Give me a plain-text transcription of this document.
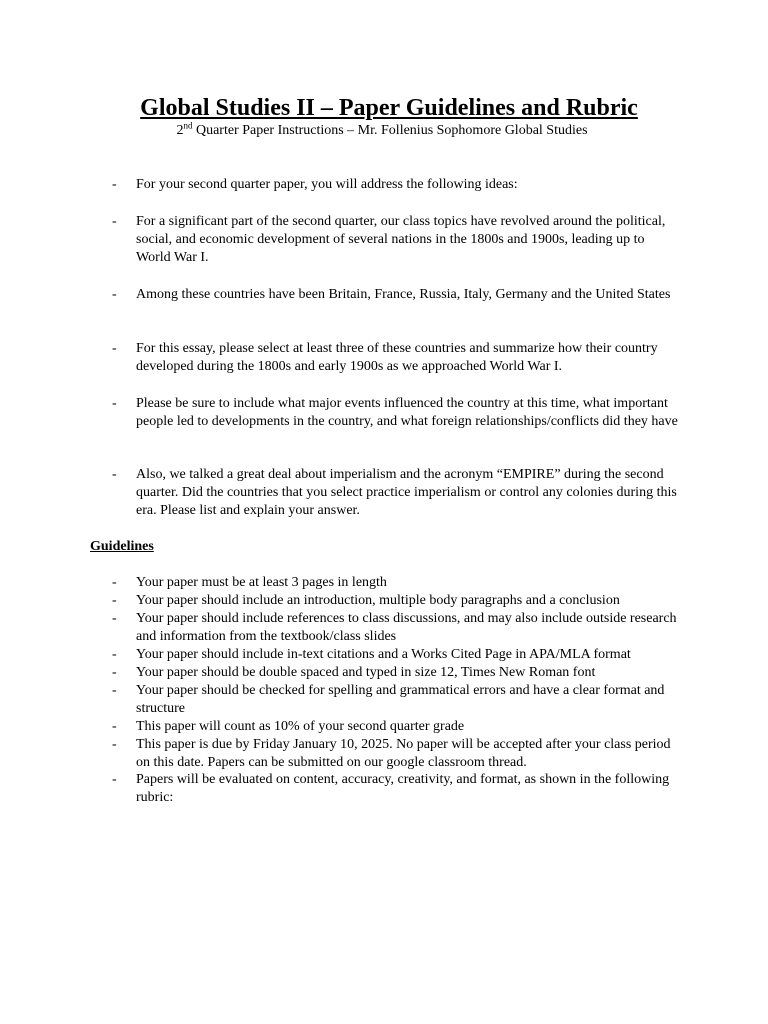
Global Studies II – Paper Guidelines and Rubric
2nd Quarter Paper Instructions – Mr. Follenius Sophomore Global Studies
- For your second quarter paper, you will address the following ideas:
- For a significant part of the second quarter, our class topics have revolved around the political, social, and economic development of several nations in the 1800s and 1900s, leading up to World War I.
- Among these countries have been Britain, France, Russia, Italy, Germany and the United States
- For this essay, please select at least three of these countries and summarize how their country developed during the 1800s and early 1900s as we approached World War I.
- Please be sure to include what major events influenced the country at this time, what important people led to developments in the country, and what foreign relationships/conflicts did they have
- Also, we talked a great deal about imperialism and the acronym “EMPIRE” during the second quarter. Did the countries that you select practice imperialism or control any colonies during this era. Please list and explain your answer.
Guidelines
- Your paper must be at least 3 pages in length
- Your paper should include an introduction, multiple body paragraphs and a conclusion
- Your paper should include references to class discussions, and may also include outside research and information from the textbook/class slides
- Your paper should include in-text citations and a Works Cited Page in APA/MLA format
- Your paper should be double spaced and typed in size 12, Times New Roman font
- Your paper should be checked for spelling and grammatical errors and have a clear format and structure
- This paper will count as 10% of your second quarter grade
- This paper is due by Friday January 10, 2025. No paper will be accepted after your class period on this date. Papers can be submitted on our google classroom thread.
- Papers will be evaluated on content, accuracy, creativity, and format, as shown in the following rubric:
